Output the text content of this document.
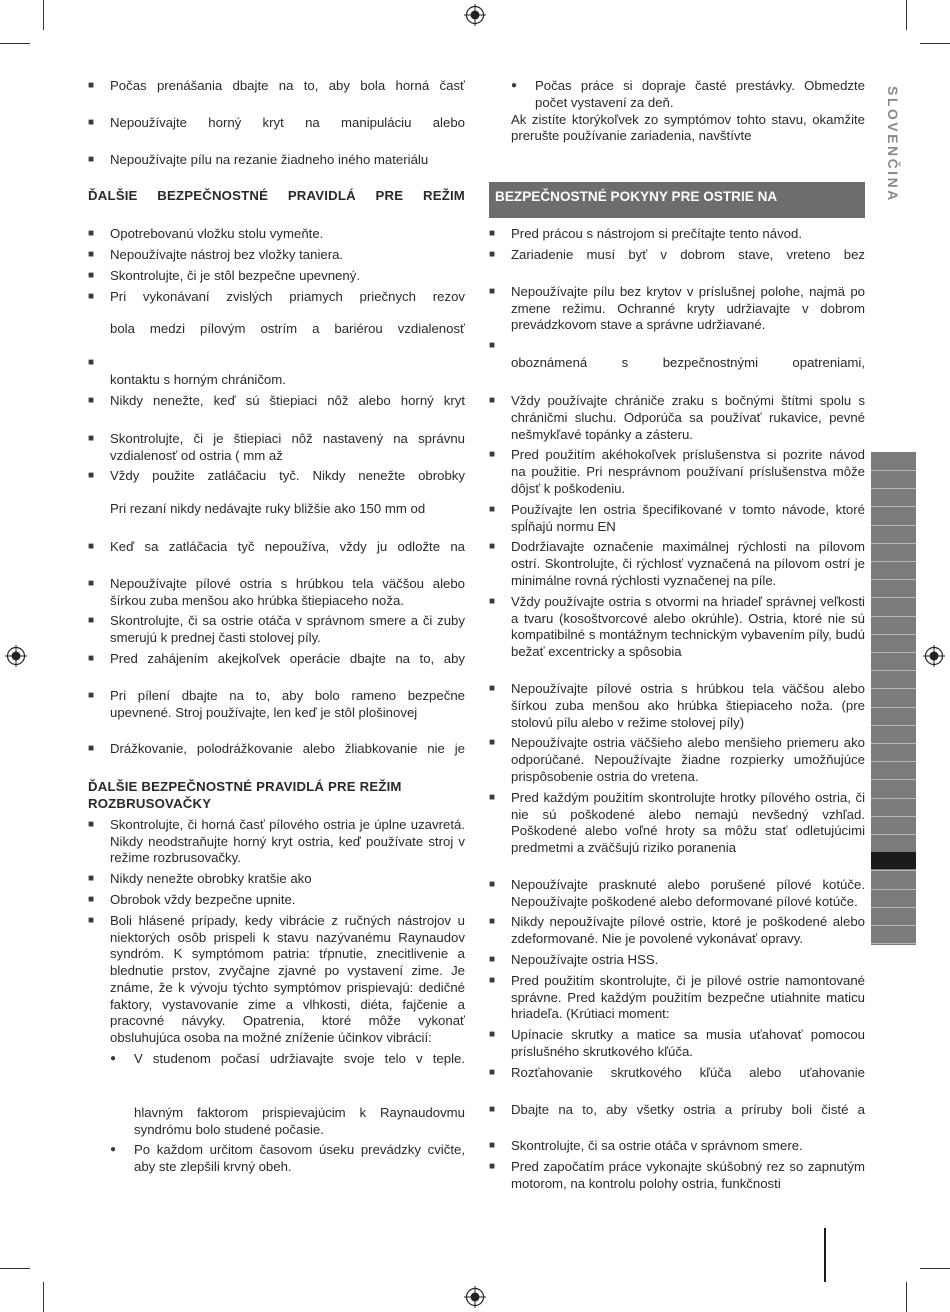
SLOVENČINA
■ Počas prenášania dbajte na to, aby bola horná časť
■ Nepoužívajte horný kryt na manipuláciu alebo
■ Nepoužívajte pílu na rezanie žiadneho iného materiálu
ĎALŠIE BEZPEČNOSTNÉ PRAVIDLÁ PRE REŽIM
■ Opotrebovanú vložku stolu vymeňte.
■ Nepoužívajte nástroj bez vložky taniera.
■ Skontrolujte, či je stôl bezpečne upevnený.
■ Pri vykonávaní zvislých priamych priečnych rezov
bola medzi pílovým ostrím a bariérou vzdialenosť
■
kontaktu s horným chráničom.
■ Nikdy nenežte, keď sú štiepiaci nôž alebo horný kryt
■ Skontrolujte, či je štiepiaci nôž nastavený na správnu vzdialenosť od ostria ( mm až
■ Vždy použite zatláčaciu tyč. Nikdy nenežte obrobky
Pri rezaní nikdy nedávajte ruky bližšie ako 150 mm od
■ Keď sa zatláčacia tyč nepoužíva, vždy ju odložte na
■ Nepoužívajte pílové ostria s hrúbkou tela väčšou alebo šírkou zuba menšou ako hrúbka štiepiaceho noža.
■ Skontrolujte, či sa ostrie otáča v správnom smere a či zuby smerujú k prednej časti stolovej píly.
■ Pred zahájením akejkoľvek operácie dbajte na to, aby
■ Pri pílení dbajte na to, aby bolo rameno bezpečne upevnené. Stroj používajte, len keď je stôl plošinovej
■ Drážkovanie, polodrážkovanie alebo žliabkovanie nie je
ĎALŠIE BEZPEČNOSTNÉ PRAVIDLÁ PRE REŽIM ROZBRUSOVAČKY
■ Skontrolujte, či horná časť pílového ostria je úplne uzavretá. Nikdy neodstraňujte horný kryt ostria, keď používate stroj v režime rozbrusovačky.
■ Nikdy nenežte obrobky kratšie ako
■ Obrobok vždy bezpečne upnite.
■ Boli hlásené prípady, kedy vibrácie z ručných nástrojov u niektorých osôb prispeli k stavu nazývanému Raynaudov syndróm. K symptómom patria: tŕpnutie, znecitlivenie a blednutie prstov, zvyčajne zjavné po vystavení zime. Je známe, že k vývoju týchto symptómov prispievajú: dedičné faktory, vystavovanie zime a vlhkosti, diéta, fajčenie a pracovné návyky. Opatrenia, ktoré môže vykonať obsluhujúca osoba na možné zníženie účinkov vibrácií:
● V studenom počasí udržiavajte svoje telo v teple.
hlavným faktorom prispievajúcim k Raynaudovmu syndrómu bolo studené počasie.
● Po každom určitom časovom úseku prevádzky cvičte, aby ste zlepšili krvný obeh.
● Počas práce si dopraje časté prestávky. Obmedzte počet vystavení za deň.
Ak zistíte ktorýkoľvek zo symptómov tohto stavu, okamžite prerušte používanie zariadenia, navštívte
BEZPEČNOSTNÉ POKYNY PRE OSTRIE NA
■ Pred prácou s nástrojom si prečítajte tento návod.
■ Zariadenie musí byť v dobrom stave, vreteno bez
■ Nepoužívajte pílu bez krytov v príslušnej polohe, najmä po zmene režimu. Ochranné kryty udržiavajte v dobrom prevádzkovom stave a správne udržiavané.
■
oboznámená s bezpečnostnými opatreniami,
■ Vždy používajte chrániče zraku s bočnými štítmi spolu s chráničmi sluchu. Odporúča sa používať rukavice, pevné nešmykľavé topánky a zásteru.
■ Pred použitím akéhokoľvek príslušenstva si pozrite návod na použitie. Pri nesprávnom používaní príslušenstva môže dôjsť k poškodeniu.
■ Používajte len ostria špecifikované v tomto návode, ktoré spĺňajú normu EN
■ Dodržiavajte označenie maximálnej rýchlosti na pílovom ostrí. Skontrolujte, či rýchlosť vyznačená na pílovom ostrí je minimálne rovná rýchlosti vyznačenej na píle.
■ Vždy používajte ostria s otvormi na hriadeľ správnej veľkosti a tvaru (kosoštvorcové alebo okrúhle). Ostria, ktoré nie sú kompatibilné s montážnym technickým vybavením píly, budú bežať excentricky a spôsobia
■ Nepoužívajte pílové ostria s hrúbkou tela väčšou alebo šírkou zuba menšou ako hrúbka štiepiaceho noža. (pre stolovú pílu alebo v režime stolovej píly)
■ Nepoužívajte ostria väčšieho alebo menšieho priemeru ako odporúčané. Nepoužívajte žiadne rozpierky umožňujúce prispôsobenie ostria do vretena.
■ Pred každým použitím skontrolujte hrotky pílového ostria, či nie sú poškodené alebo nemajú nevšedný vzhľad. Poškodené alebo voľné hroty sa môžu stať odletujúcimi predmetmi a zväčšujú riziko poranenia
■ Nepoužívajte prasknuté alebo porušené pílové kotúče. Nepoužívajte poškodené alebo deformované pílové kotúče.
■ Nikdy nepoužívajte pílové ostrie, ktoré je poškodené alebo zdeformované. Nie je povolené vykonávať opravy.
■ Nepoužívajte ostria HSS.
■ Pred použitím skontrolujte, či je pílové ostrie namontované správne. Pred každým použitím bezpečne utiahnite maticu hriadeľa. (Krútiaci moment:
■ Upínacie skrutky a matice sa musia uťahovať pomocou príslušného skrutkového kľúča.
■ Rozťahovanie skrutkového kľúča alebo uťahovanie
■ Dbajte na to, aby všetky ostria a príruby boli čisté a
■ Skontrolujte, či sa ostrie otáča v správnom smere.
■ Pred započatím práce vykonajte skúšobný rez so zapnutým motorom, na kontrolu polohy ostria, funkčnosti
